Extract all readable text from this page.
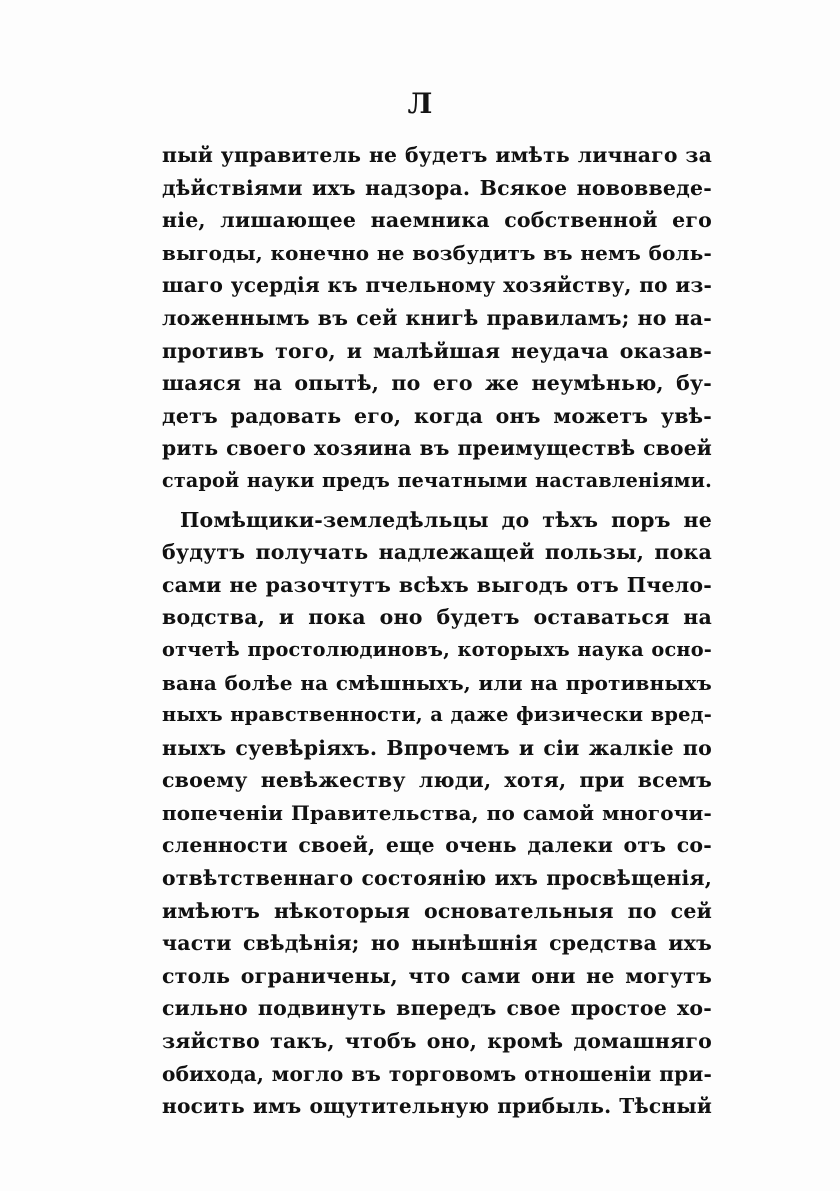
Л
пый управитель не будетъ имѣть личнаго за
дѣйствіями ихъ надзора. Всякое нововведе-
ніе, лишающее наемника собственной его
выгоды, конечно не возбудитъ въ немъ боль-
шаго усердія къ пчельному хозяйству, по из-
ложеннымъ въ сей книгѣ правиламъ; но на-
противъ того, и малѣйшая неудача оказав-
шаяся на опытѣ, по его же неумѣнью, бу-
детъ радовать его, когда онъ можетъ увѣ-
рить своего хозяина въ преимуществѣ своей
старой науки предъ печатными наставленіями.
Помѣщики-земледѣльцы до тѣхъ поръ не
будутъ получать надлежащей пользы, пока
сами не разочтутъ всѣхъ выгодъ отъ Пчело-
водства, и пока оно будетъ оставаться на
отчетѣ простолюдиновъ, которыхъ наука осно-
вана болѣе на смѣшныхъ, или на противныхъ
ныхъ нравственности, а даже физически вред-
ныхъ суевѣріяхъ. Впрочемъ и сіи жалкіе по
своему невѣжеству люди, хотя, при всемъ
попеченіи Правительства, по самой многочи-
сленности своей, еще очень далеки отъ со-
отвѣтственнаго состоянію ихъ просвѣщенія,
имѣютъ нѣкоторыя основательныя по сей
части свѣдѣнія; но нынѣшнія средства ихъ
столь ограничены, что сами они не могутъ
сильно подвинуть впередъ свое простое хо-
зяйство такъ, чтобъ оно, кромѣ домашняго
обихода, могло въ торговомъ отношеніи при-
носить имъ ощутительную прибыль. Тѣсный
